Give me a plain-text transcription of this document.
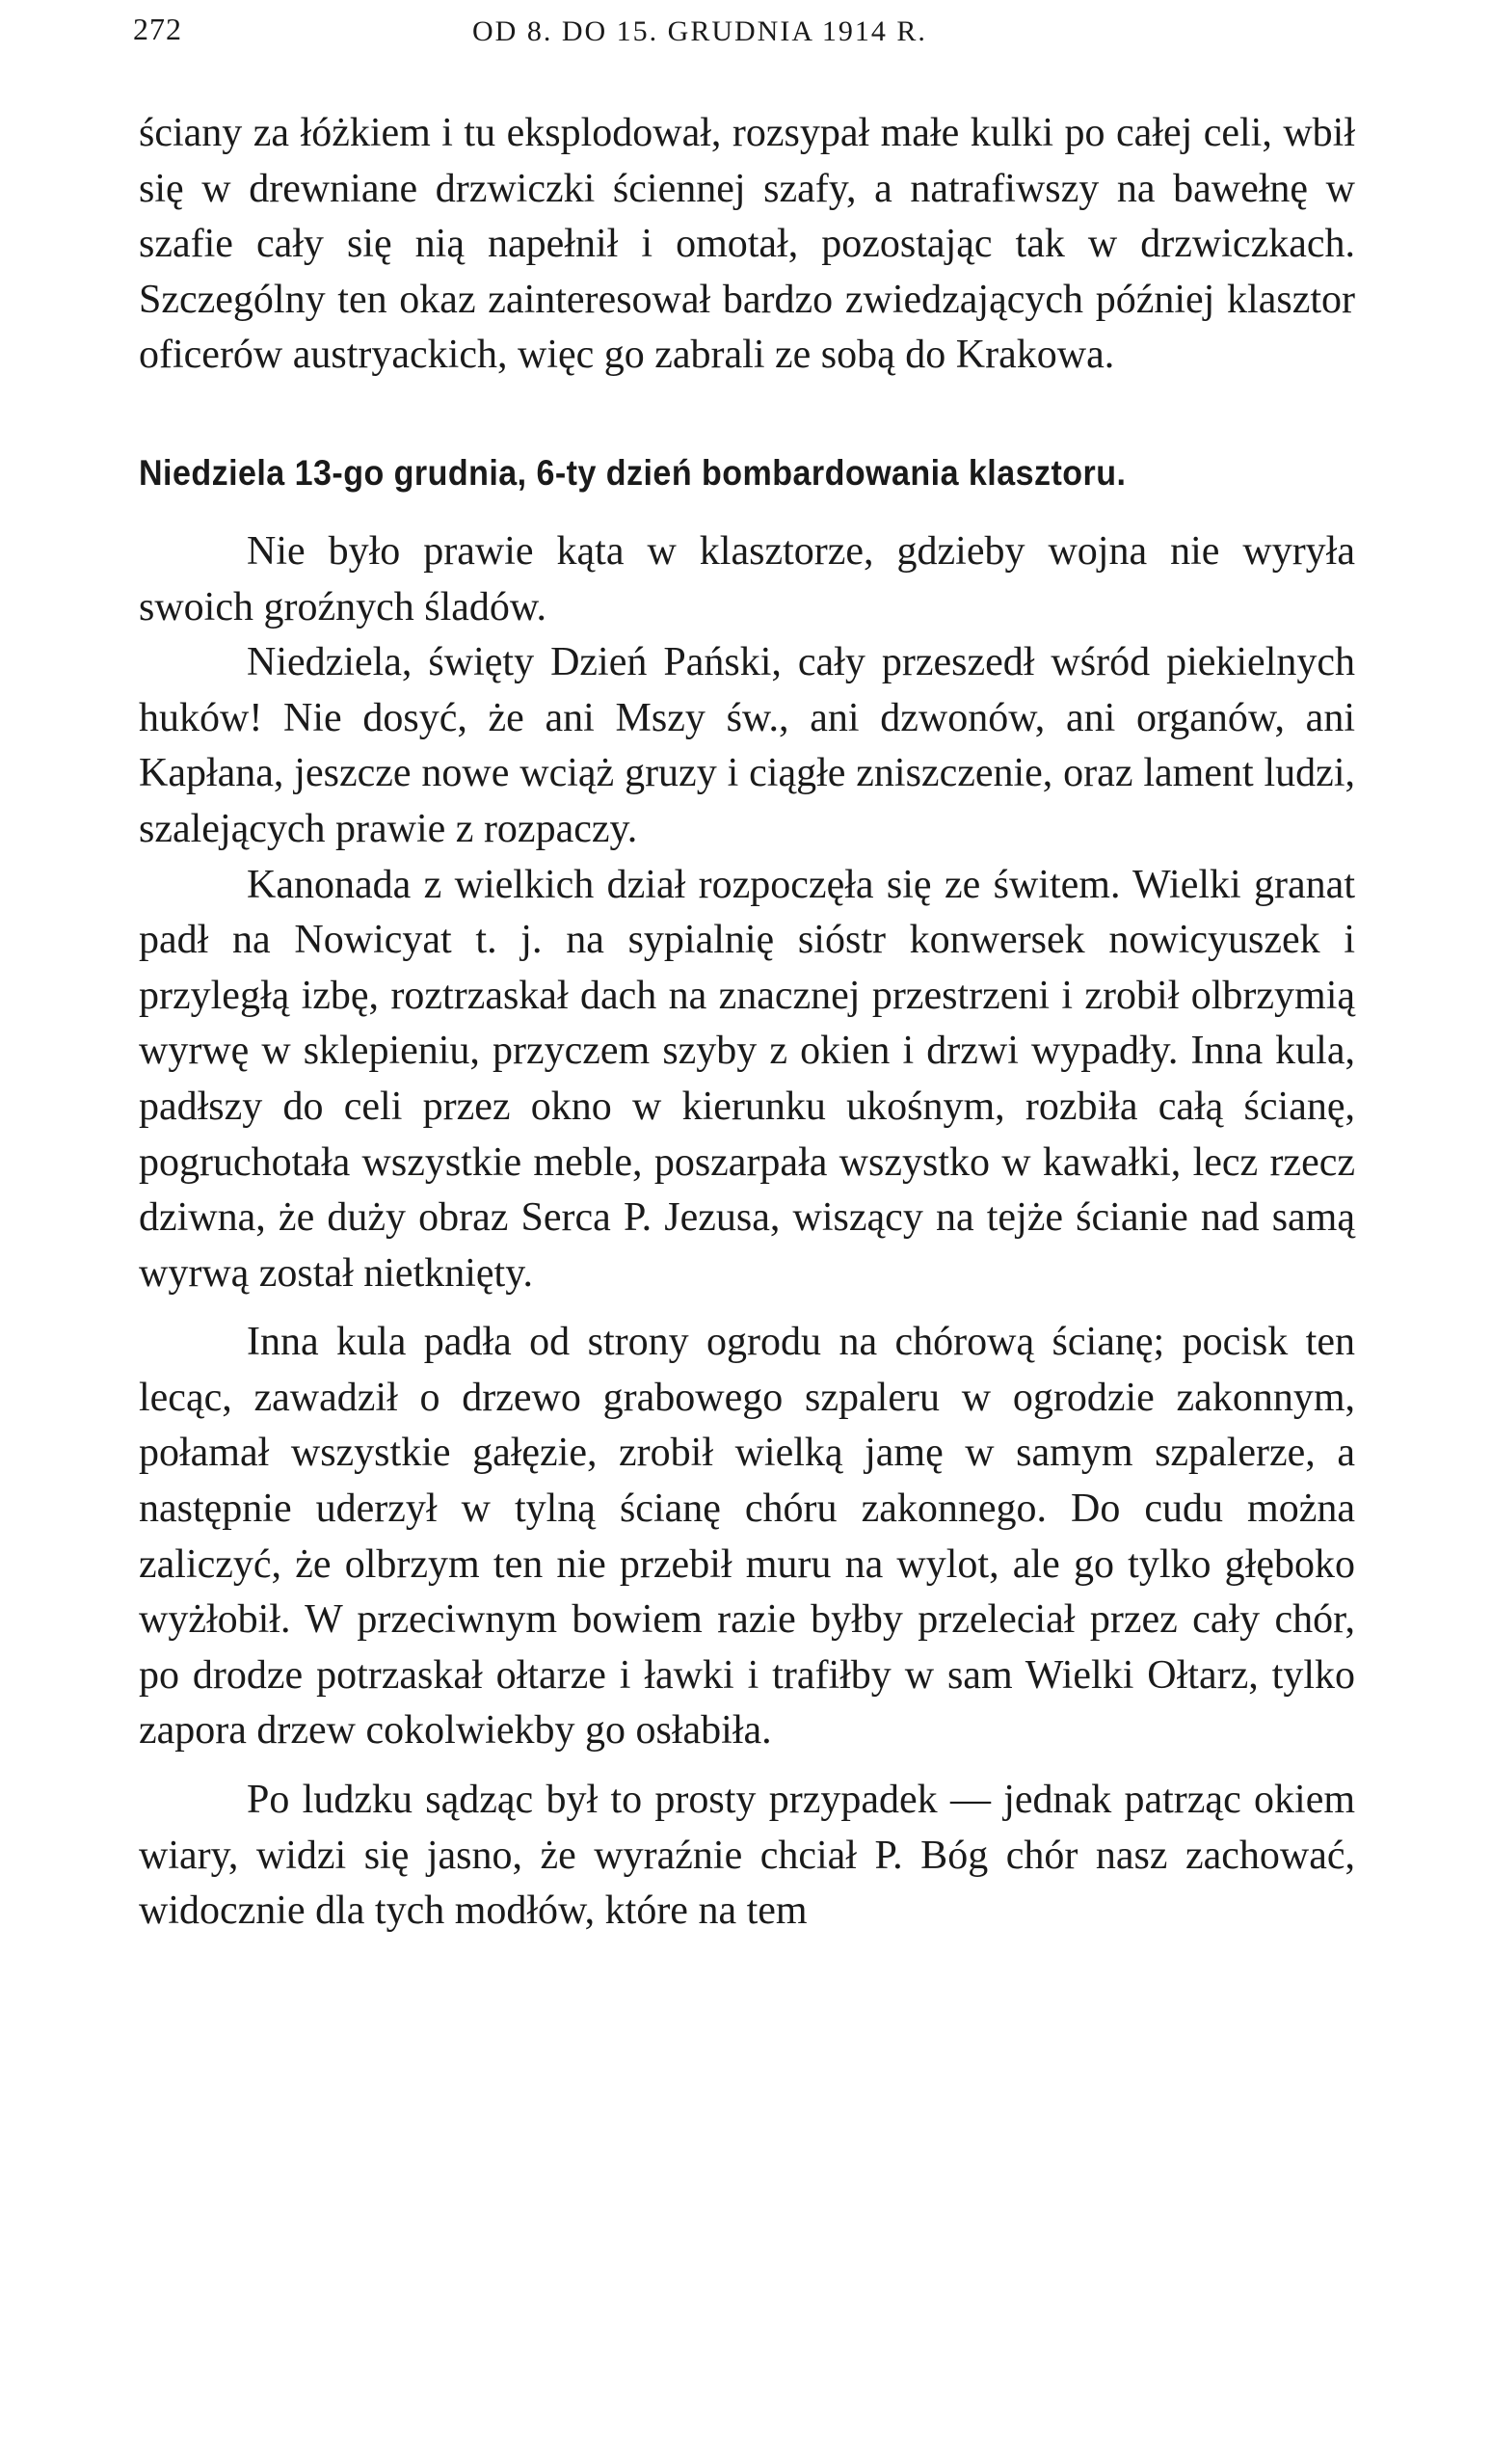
272	OD 8. DO 15. GRUDNIA 1914 R.

ściany za łóżkiem i tu eksplodował, rozsypał małe kulki po całej celi, wbił się w drewniane drzwiczki ściennej szafy, a natrafiwszy na bawełnę w szafie cały się nią napełnił i omotał, pozostając tak w drzwiczkach. Szczególny ten okaz zainteresował bardzo zwiedzających później klasztor oficerów austryackich, więc go zabrali ze sobą do Krakowa.

Niedziela 13-go grudnia, 6-ty dzień bombardowania klasztoru.

Nie było prawie kąta w klasztorze, gdzieby wojna nie wyryła swoich groźnych śladów.

Niedziela, święty Dzień Pański, cały przeszedł wśród piekielnych huków! Nie dosyć, że ani Mszy św., ani dzwonów, ani organów, ani Kapłana, jeszcze nowe wciąż gruzy i ciągłe zniszczenie, oraz lament ludzi, szalejących prawie z rozpaczy.

Kanonada z wielkich dział rozpoczęła się ze świtem. Wielki granat padł na Nowicyat t. j. na sypialnię sióstr konwersek nowicyuszek i przyległą izbę, roztrzaskał dach na znacznej przestrzeni i zrobił olbrzymią wyrwę w sklepieniu, przyczem szyby z okien i drzwi wypadły. Inna kula, padłszy do celi przez okno w kierunku ukośnym, rozbiła całą ścianę, pogruchotała wszystkie meble, poszarpała wszystko w kawałki, lecz rzecz dziwna, że duży obraz Serca P. Jezusa, wiszący na tejże ścianie nad samą wyrwą został nietknięty.

Inna kula padła od strony ogrodu na chórową ścianę; pocisk ten lecąc, zawadził o drzewo grabowego szpaleru w ogrodzie zakonnym, połamał wszystkie gałęzie, zrobił wielką jamę w samym szpalerze, a następnie uderzył w tylną ścianę chóru zakonnego. Do cudu można zaliczyć, że olbrzym ten nie przebił muru na wylot, ale go tylko głęboko wyżłobił. W przeciwnym bowiem razie byłby przeleciał przez cały chór, po drodze potrzaskał ołtarze i ławki i trafiłby w sam Wielki Ołtarz, tylko zapora drzew cokolwiekby go osłabiła.

Po ludzku sądząc był to prosty przypadek — jednak patrząc okiem wiary, widzi się jasno, że wyraźnie chciał P. Bóg chór nasz zachować, widocznie dla tych modłów, które na tem
